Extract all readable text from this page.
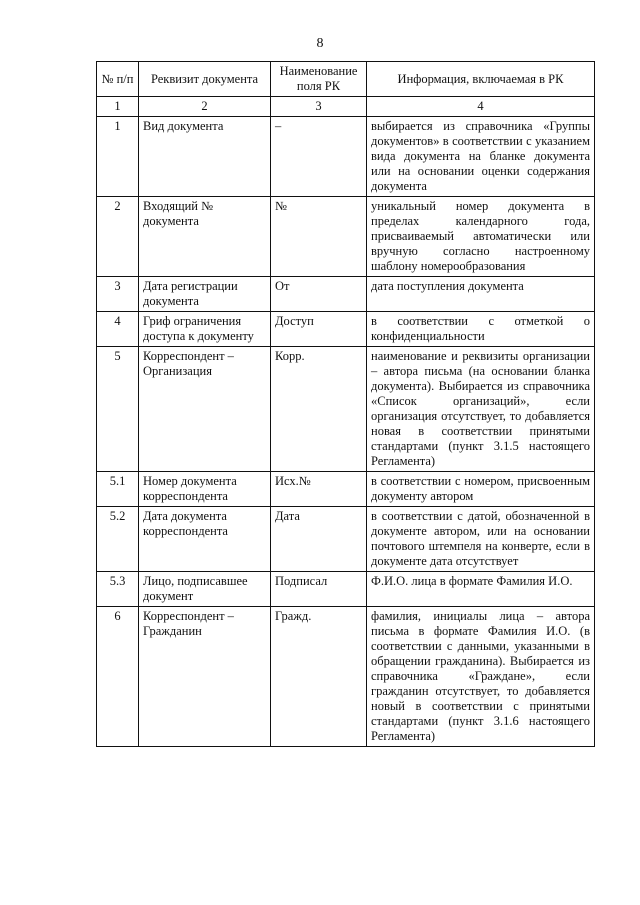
8
№ п/п	Реквизит документа	Наименование поля РК	Информация, включаемая в РК
1	2	3	4
1	Вид документа	–	выбирается из справочника «Группы документов» в соответствии с указанием вида документа на бланке документа или на основании оценки содержания документа
2	Входящий № документа	№	уникальный номер документа в пределах календарного года, присваиваемый автоматически или вручную согласно настроенному шаблону номерообразования
3	Дата регистрации документа	От	дата поступления документа
4	Гриф ограничения доступа к документу	Доступ	в соответствии с отметкой о конфиденциальности
5	Корреспондент – Организация	Корр.	наименование и реквизиты организации – автора письма (на основании бланка документа). Выбирается из справочника «Список организаций», если организация отсутствует, то добавляется новая в соответствии принятыми стандартами (пункт 3.1.5 настоящего Регламента)
5.1	Номер документа корреспондента	Исх.№	в соответствии с номером, присвоенным документу автором
5.2	Дата документа корреспондента	Дата	в соответствии с датой, обозначенной в документе автором, или на основании почтового штемпеля на конверте, если в документе дата отсутствует
5.3	Лицо, подписавшее документ	Подписал	Ф.И.О. лица в формате Фамилия И.О.
6	Корреспондент – Гражданин	Гражд.	фамилия, инициалы лица – автора письма в формате Фамилия И.О. (в соответствии с данными, указанными в обращении гражданина). Выбирается из справочника «Граждане», если гражданин отсутствует, то добавляется новый в соответствии с принятыми стандартами (пункт 3.1.6 настоящего Регламента)
